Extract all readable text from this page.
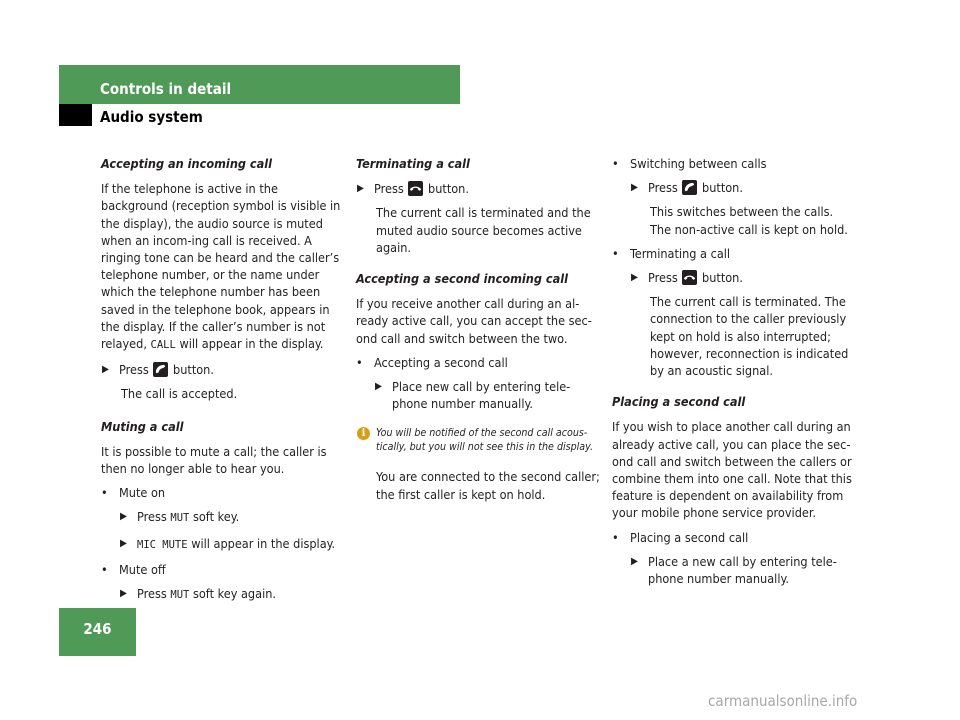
Controls in detail
Audio system
Accepting an incoming call
If the telephone is active in the background (reception symbol is visible in the display), the audio source is muted when an incom-ing call is received. A ringing tone can be heard and the caller’s telephone number, or the name under which the telephone number has been saved in the telephone book, appears in the display. If the caller’s number is not relayed, CALL will appear in the display.
▶ Press button.
The call is accepted.
Muting a call
It is possible to mute a call; the caller is then no longer able to hear you.
• Mute on
▶ Press MUT soft key.
▶ MIC MUTE will appear in the display.
• Mute off
▶ Press MUT soft key again.
Terminating a call
▶ Press button.
The current call is terminated and the muted audio source becomes active again.
Accepting a second incoming call
If you receive another call during an al-ready active call, you can accept the sec-ond call and switch between the two.
• Accepting a second call
▶ Place new call by entering tele-phone number manually.
i You will be notified of the second call acous-tically, but you will not see this in the display.
You are connected to the second caller; the first caller is kept on hold.
• Switching between calls
▶ Press button.
This switches between the calls. The non-active call is kept on hold.
• Terminating a call
▶ Press button.
The current call is terminated. The connection to the caller previously kept on hold is also interrupted; however, reconnection is indicated by an acoustic signal.
Placing a second call
If you wish to place another call during an already active call, you can place the sec-ond call and switch between the callers or combine them into one call. Note that this feature is dependent on availability from your mobile phone service provider.
• Placing a second call
▶ Place a new call by entering tele-phone number manually.
246
carmanualsonline.info
